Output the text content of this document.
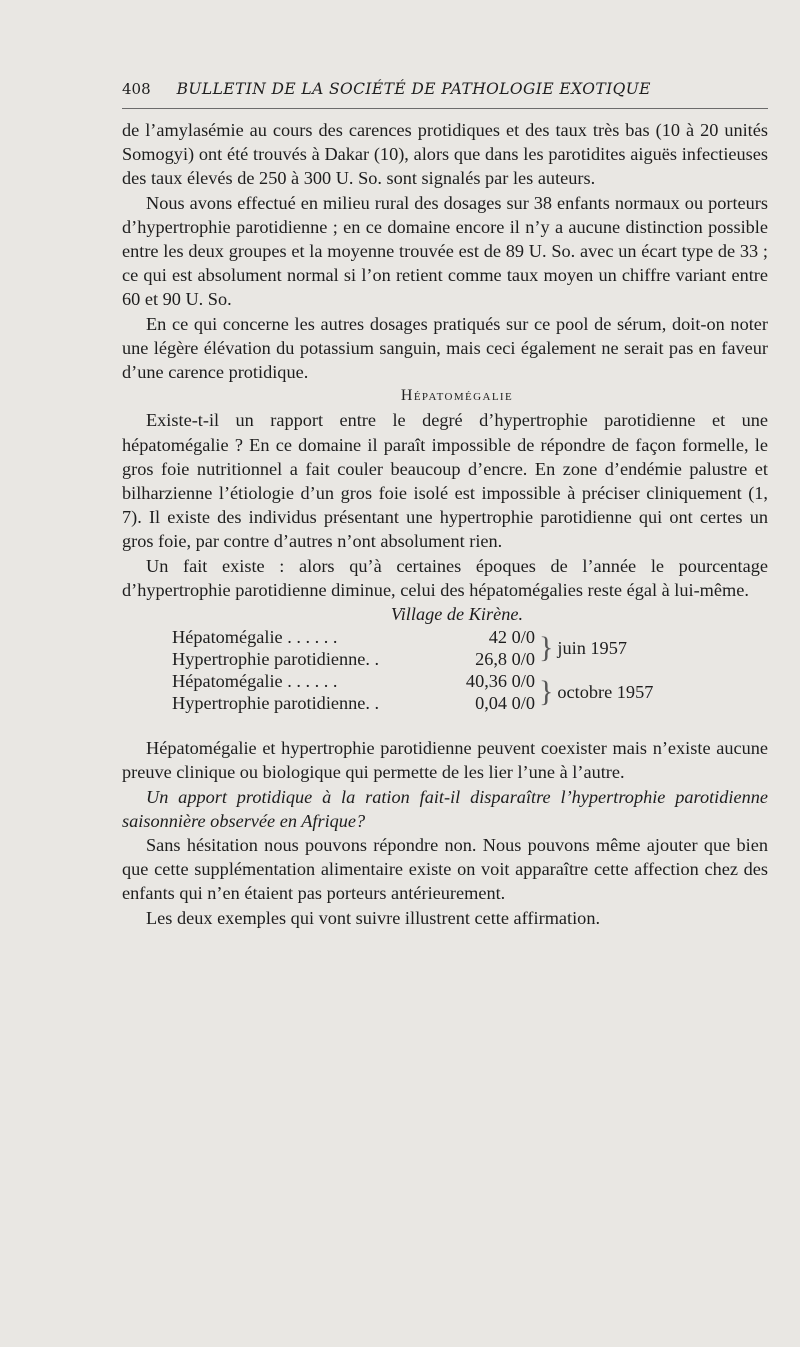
408 BULLETIN DE LA SOCIÉTÉ DE PATHOLOGIE EXOTIQUE

de l’amylasémie au cours des carences protidiques et des taux très bas (10 à 20 unités Somogyi) ont été trouvés à Dakar (10), alors que dans les parotidites aiguës infectieuses des taux élevés de 250 à 300 U. So. sont signalés par les auteurs.

Nous avons effectué en milieu rural des dosages sur 38 enfants normaux ou porteurs d’hypertrophie parotidienne ; en ce domaine encore il n’y a aucune distinction possible entre les deux groupes et la moyenne trouvée est de 89 U. So. avec un écart type de 33 ; ce qui est absolument normal si l’on retient comme taux moyen un chiffre variant entre 60 et 90 U. So.

En ce qui concerne les autres dosages pratiqués sur ce pool de sérum, doit-on noter une légère élévation du potassium sanguin, mais ceci également ne serait pas en faveur d’une carence protidique.

Hépatomégalie

Existe-t-il un rapport entre le degré d’hypertrophie parotidienne et une hépatomégalie ? En ce domaine il paraît impossible de répondre de façon formelle, le gros foie nutritionnel a fait couler beaucoup d’encre. En zone d’endémie palustre et bilharzienne l’étiologie d’un gros foie isolé est impossible à préciser cliniquement (1, 7). Il existe des individus présentant une hypertrophie parotidienne qui ont certes un gros foie, par contre d’autres n’ont absolument rien.

Un fait existe : alors qu’à certaines époques de l’année le pourcentage d’hypertrophie parotidienne diminue, celui des hépatomégalies reste égal à lui-même.

Village de Kirène.

Hépatomégalie . . . . . .	42 0/0	}	juin 1957
Hypertrophie parotidienne. .	26,8 0/0		
Hépatomégalie . . . . . .	40,36 0/0	}	octobre 1957
Hypertrophie parotidienne. .	0,04 0/0		

Hépatomégalie et hypertrophie parotidienne peuvent coexister mais n’existe aucune preuve clinique ou biologique qui permette de les lier l’une à l’autre.

Un apport protidique à la ration fait-il disparaître l’hypertrophie parotidienne saisonnière observée en Afrique?

Sans hésitation nous pouvons répondre non. Nous pouvons même ajouter que bien que cette supplémentation alimentaire existe on voit apparaître cette affection chez des enfants qui n’en étaient pas porteurs antérieurement.

Les deux exemples qui vont suivre illustrent cette affirmation.
